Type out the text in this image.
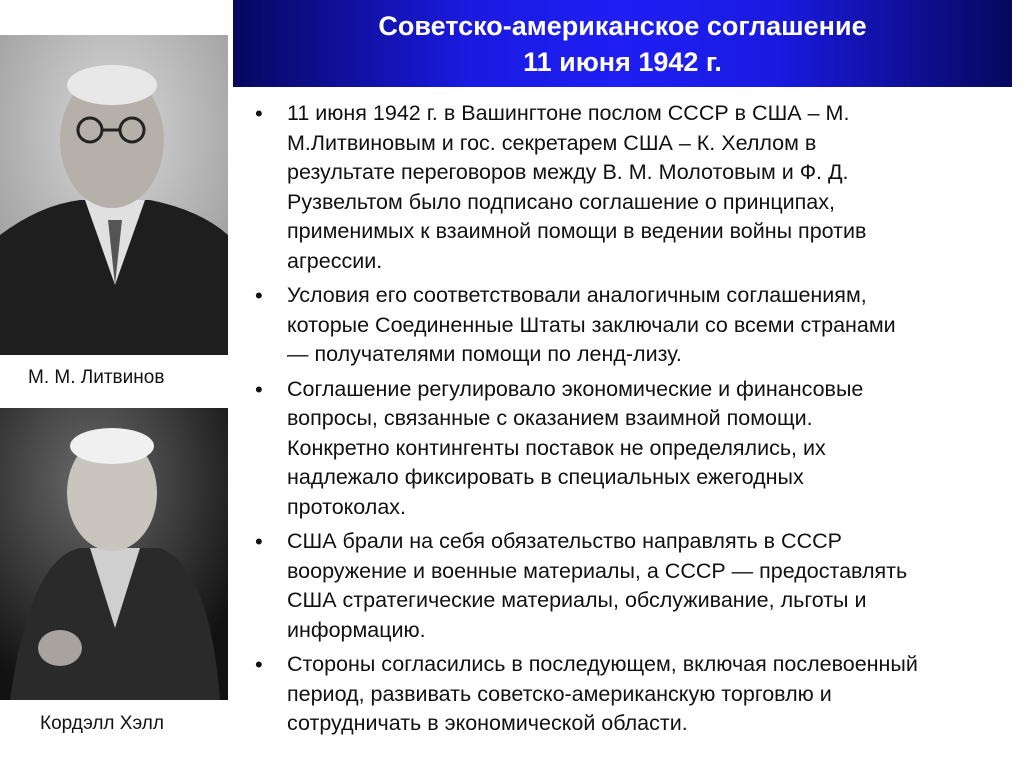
Советско-американское соглашение
11 июня 1942 г.
М. М. Литвинов
Кордэлл Хэлл
• 11 июня 1942 г. в Вашингтоне послом СССР в США – М.
М.Литвиновым и гос. секретарем США – К. Хеллом в
результате переговоров между В. М. Молотовым и Ф. Д.
Рузвельтом было подписано соглашение о принципах,
применимых к взаимной помощи в ведении войны против
агрессии.
• Условия его соответствовали аналогичным соглашениям,
которые Соединенные Штаты заключали со всеми странами
— получателями помощи по ленд-лизу.
• Соглашение регулировало экономические и финансовые
вопросы, связанные с оказанием взаимной помощи.
Конкретно контингенты поставок не определялись, их
надлежало фиксировать в специальных ежегодных
протоколах.
• США брали на себя обязательство направлять в СССР
вооружение и военные материалы, а СССР — предоставлять
США стратегические материалы, обслуживание, льготы и
информацию.
• Стороны согласились в последующем, включая послевоенный
период, развивать советско-американскую торговлю и
сотрудничать в экономической области.
